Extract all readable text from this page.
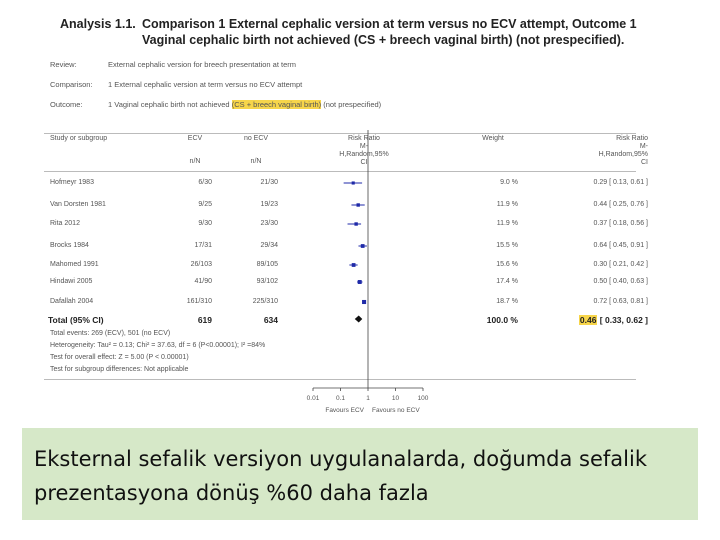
Analysis 1.1. Comparison 1 External cephalic version at term versus no ECV attempt, Outcome 1 Vaginal cephalic birth not achieved (CS + breech vaginal birth) (not prespecified).
Review:	External cephalic version for breech presentation at term
Comparison: 1 External cephalic version at term versus no ECV attempt
Outcome:	1 Vaginal cephalic birth not achieved (CS + breech vaginal birth) (not prespecified)
Study or subgroup	ECV	no ECV
n/N	n/N
Risk Ratio
M-
H,Random,95%
CI
Weight	Risk Ratio
M-
H,Random,95%
CI
Hofmeyr 1983	6/30	21/30	9.0 %	0.29 [ 0.13, 0.61 ]
Van Dorsten 1981	9/25	19/23	11.9 %	0.44 [ 0.25, 0.76 ]
Rita 2012	9/30	23/30	11.9 %	0.37 [ 0.18, 0.56 ]
Brocks 1984	17/31	29/34	15.5 %	0.64 [ 0.45, 0.91 ]
Mahomed 1991	26/103	89/105	15.6 %	0.30 [ 0.21, 0.42 ]
Hindawi 2005	41/90	93/102	17.4 %	0.50 [ 0.40, 0.63 ]
Dafallah 2004	161/310	225/310	18.7 %	0.72 [ 0.63, 0.81 ]
Total (95% CI)	619	634	100.0 %	0.46 [ 0.33, 0.62 ]
Total events: 269 (ECV), 501 (no ECV)
Heterogeneity: Tau² = 0.13; Chi² = 37.63, df = 6 (P<0.00001); I² =84%
Test for overall effect: Z = 5.00 (P < 0.00001)
Test for subgroup differences: Not applicable
0.01	0.1	1	10	100
Favours ECV Favours no ECV
Eksternal sefalik versiyon uygulanalarda, doğumda sefalik prezentasyona dönüş %60 daha fazla
